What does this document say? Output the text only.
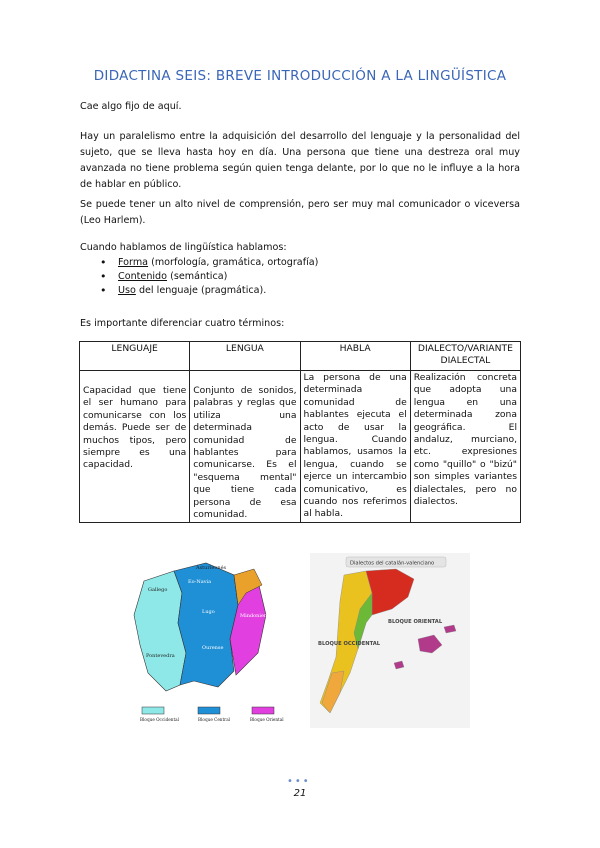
DIDACTINA SEIS: BREVE INTRODUCCIÓN A LA LINGÜÍSTICA

Cae algo fijo de aquí.

Hay un paralelismo entre la adquisición del desarrollo del lenguaje y la personalidad del sujeto, que se lleva hasta hoy en día. Una persona que tiene una destreza oral muy avanzada no tiene problema según quien tenga delante, por lo que no le influye a la hora de hablar en público.

Se puede tener un alto nivel de comprensión, pero ser muy mal comunicador o viceversa (Leo Harlem).

Cuando hablamos de lingüística hablamos:

• Forma (morfología, gramática, ortografía)
• Contenido (semántica)
• Uso del lenguaje (pragmática).

Es importante diferenciar cuatro términos:

LENGUAJE	LENGUA	HABLA	DIALECTO/VARIANTE DIALECTAL
Capacidad que tiene el ser humano para comunicarse con los demás. Puede ser de muchos tipos, pero siempre es una capacidad.	Conjunto de sonidos, palabras y reglas que utiliza una determinada comunidad de hablantes para comunicarse. Es el "esquema mental" que tiene cada persona de esa comunidad.	La persona de una determinada comunidad de hablantes ejecuta el acto de usar la lengua. Cuando hablamos, usamos la lengua, cuando se ejerce un intercambio comunicativo, es cuando nos referimos al habla.	Realización concreta que adopta una lengua en una determinada zona geográfica. El andaluz, murciano, etc. expresiones como "quillo" o "bizú" son simples variantes dialectales, pero no dialectos.
Asturleonés
Gallego
Eo-Navia
Lugo
Ourense
Pontevedra
Mindoniense
Bloque Occidental	Bloque Central	Bloque Oriental
Dialectos del catalán-valenciano
BLOQUE OCCIDENTAL
BLOQUE ORIENTAL
•••
21
